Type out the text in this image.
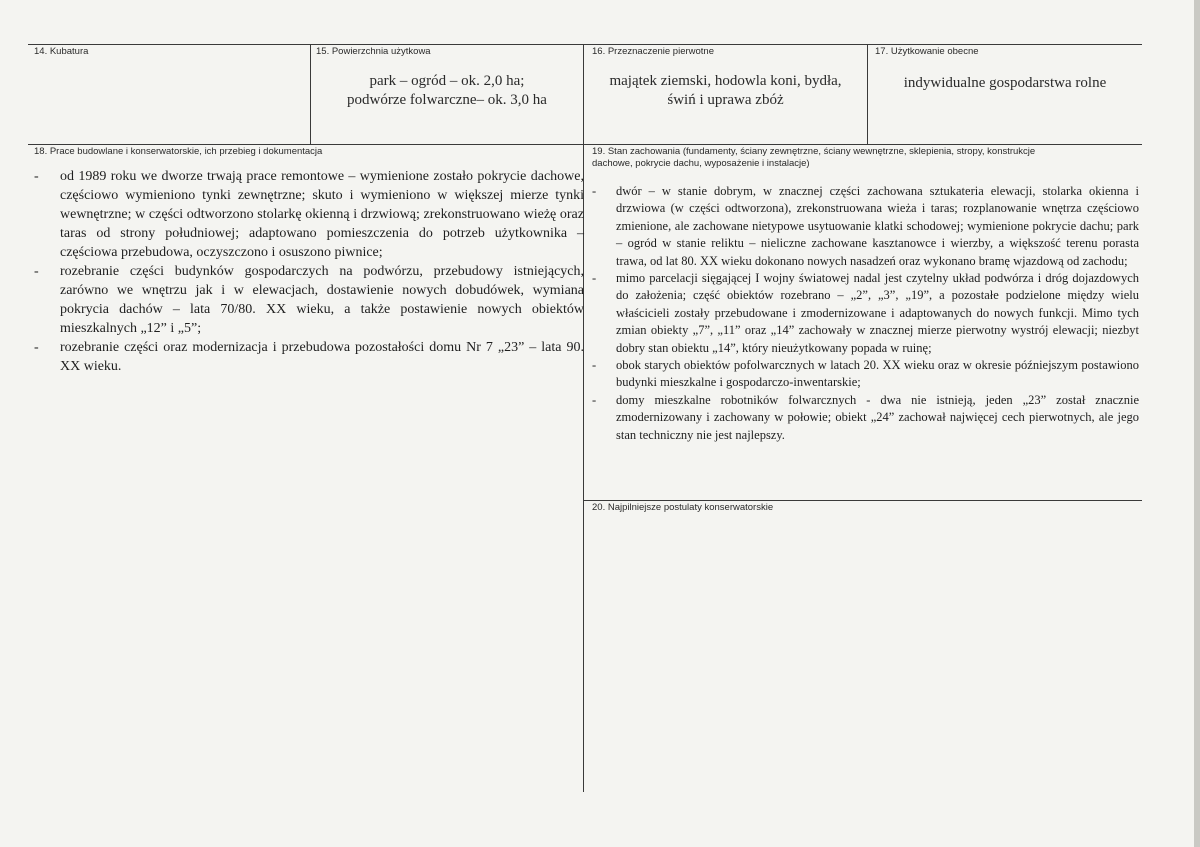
14. Kubatura	15. Powierzchnia użytkowa
park – ogród – ok. 2,0 ha;
podwórze folwarczne– ok. 3,0 ha
16. Przeznaczenie pierwotne
majątek ziemski, hodowla koni, bydła,
świń i uprawa zbóż
17. Użytkowanie obecne
indywidualne gospodarstwa rolne
18. Prace budowlane i konserwatorskie, ich przebieg i dokumentacja
- od 1989 roku we dworze trwają prace remontowe – wymienione zostało pokrycie dachowe, częściowo wymieniono tynki zewnętrzne; skuto i wymieniono w większej mierze tynki wewnętrzne; w części odtworzono stolarkę okienną i drzwiową; zrekonstruowano wieżę oraz taras od strony południowej; adaptowano pomieszczenia do potrzeb użytkownika – częściowa przebudowa, oczyszczono i osuszono piwnice;
- rozebranie części budynków gospodarczych na podwórzu, przebudowy istniejących, zarówno we wnętrzu jak i w elewacjach, dostawienie nowych dobudówek, wymiana pokrycia dachów – lata 70/80. XX wieku, a także postawienie nowych obiektów mieszkalnych „12” i „5”;
- rozebranie części oraz modernizacja i przebudowa pozostałości domu Nr 7 „23” – lata 90. XX wieku.
19. Stan zachowania (fundamenty, ściany zewnętrzne, ściany wewnętrzne, sklepienia, stropy, konstrukcje dachowe, pokrycie dachu, wyposażenie i instalacje)
- dwór – w stanie dobrym, w znacznej części zachowana sztukateria elewacji, stolarka okienna i drzwiowa (w części odtworzona), zrekonstruowana wieża i taras; rozplanowanie wnętrza częściowo zmienione, ale zachowane nietypowe usytuowanie klatki schodowej; wymienione pokrycie dachu; park – ogród w stanie reliktu – nieliczne zachowane kasztanowce i wierzby, a większość terenu porasta trawa, od lat 80. XX wieku dokonano nowych nasadzeń oraz wykonano bramę wjazdową od zachodu;
- mimo parcelacji sięgającej I wojny światowej nadal jest czytelny układ podwórza i dróg dojazdowych do założenia; część obiektów rozebrano – „2”, „3”, „19”, a pozostałe podzielone między wielu właścicieli zostały przebudowane i zmodernizowane i adaptowanych do nowych funkcji. Mimo tych zmian obiekty „7”, „11” oraz „14” zachowały w znacznej mierze pierwotny wystrój elewacji; niezbyt dobry stan obiektu „14”, który nieużytkowany popada w ruinę;
- obok starych obiektów pofolwarcznych w latach 20. XX wieku oraz w okresie późniejszym postawiono budynki mieszkalne i gospodarczo-inwentarskie;
- domy mieszkalne robotników folwarcznych - dwa nie istnieją, jeden „23” został znacznie zmodernizowany i zachowany w połowie; obiekt „24” zachował najwięcej cech pierwotnych, ale jego stan techniczny nie jest najlepszy.
20. Najpilniejsze postulaty konserwatorskie
